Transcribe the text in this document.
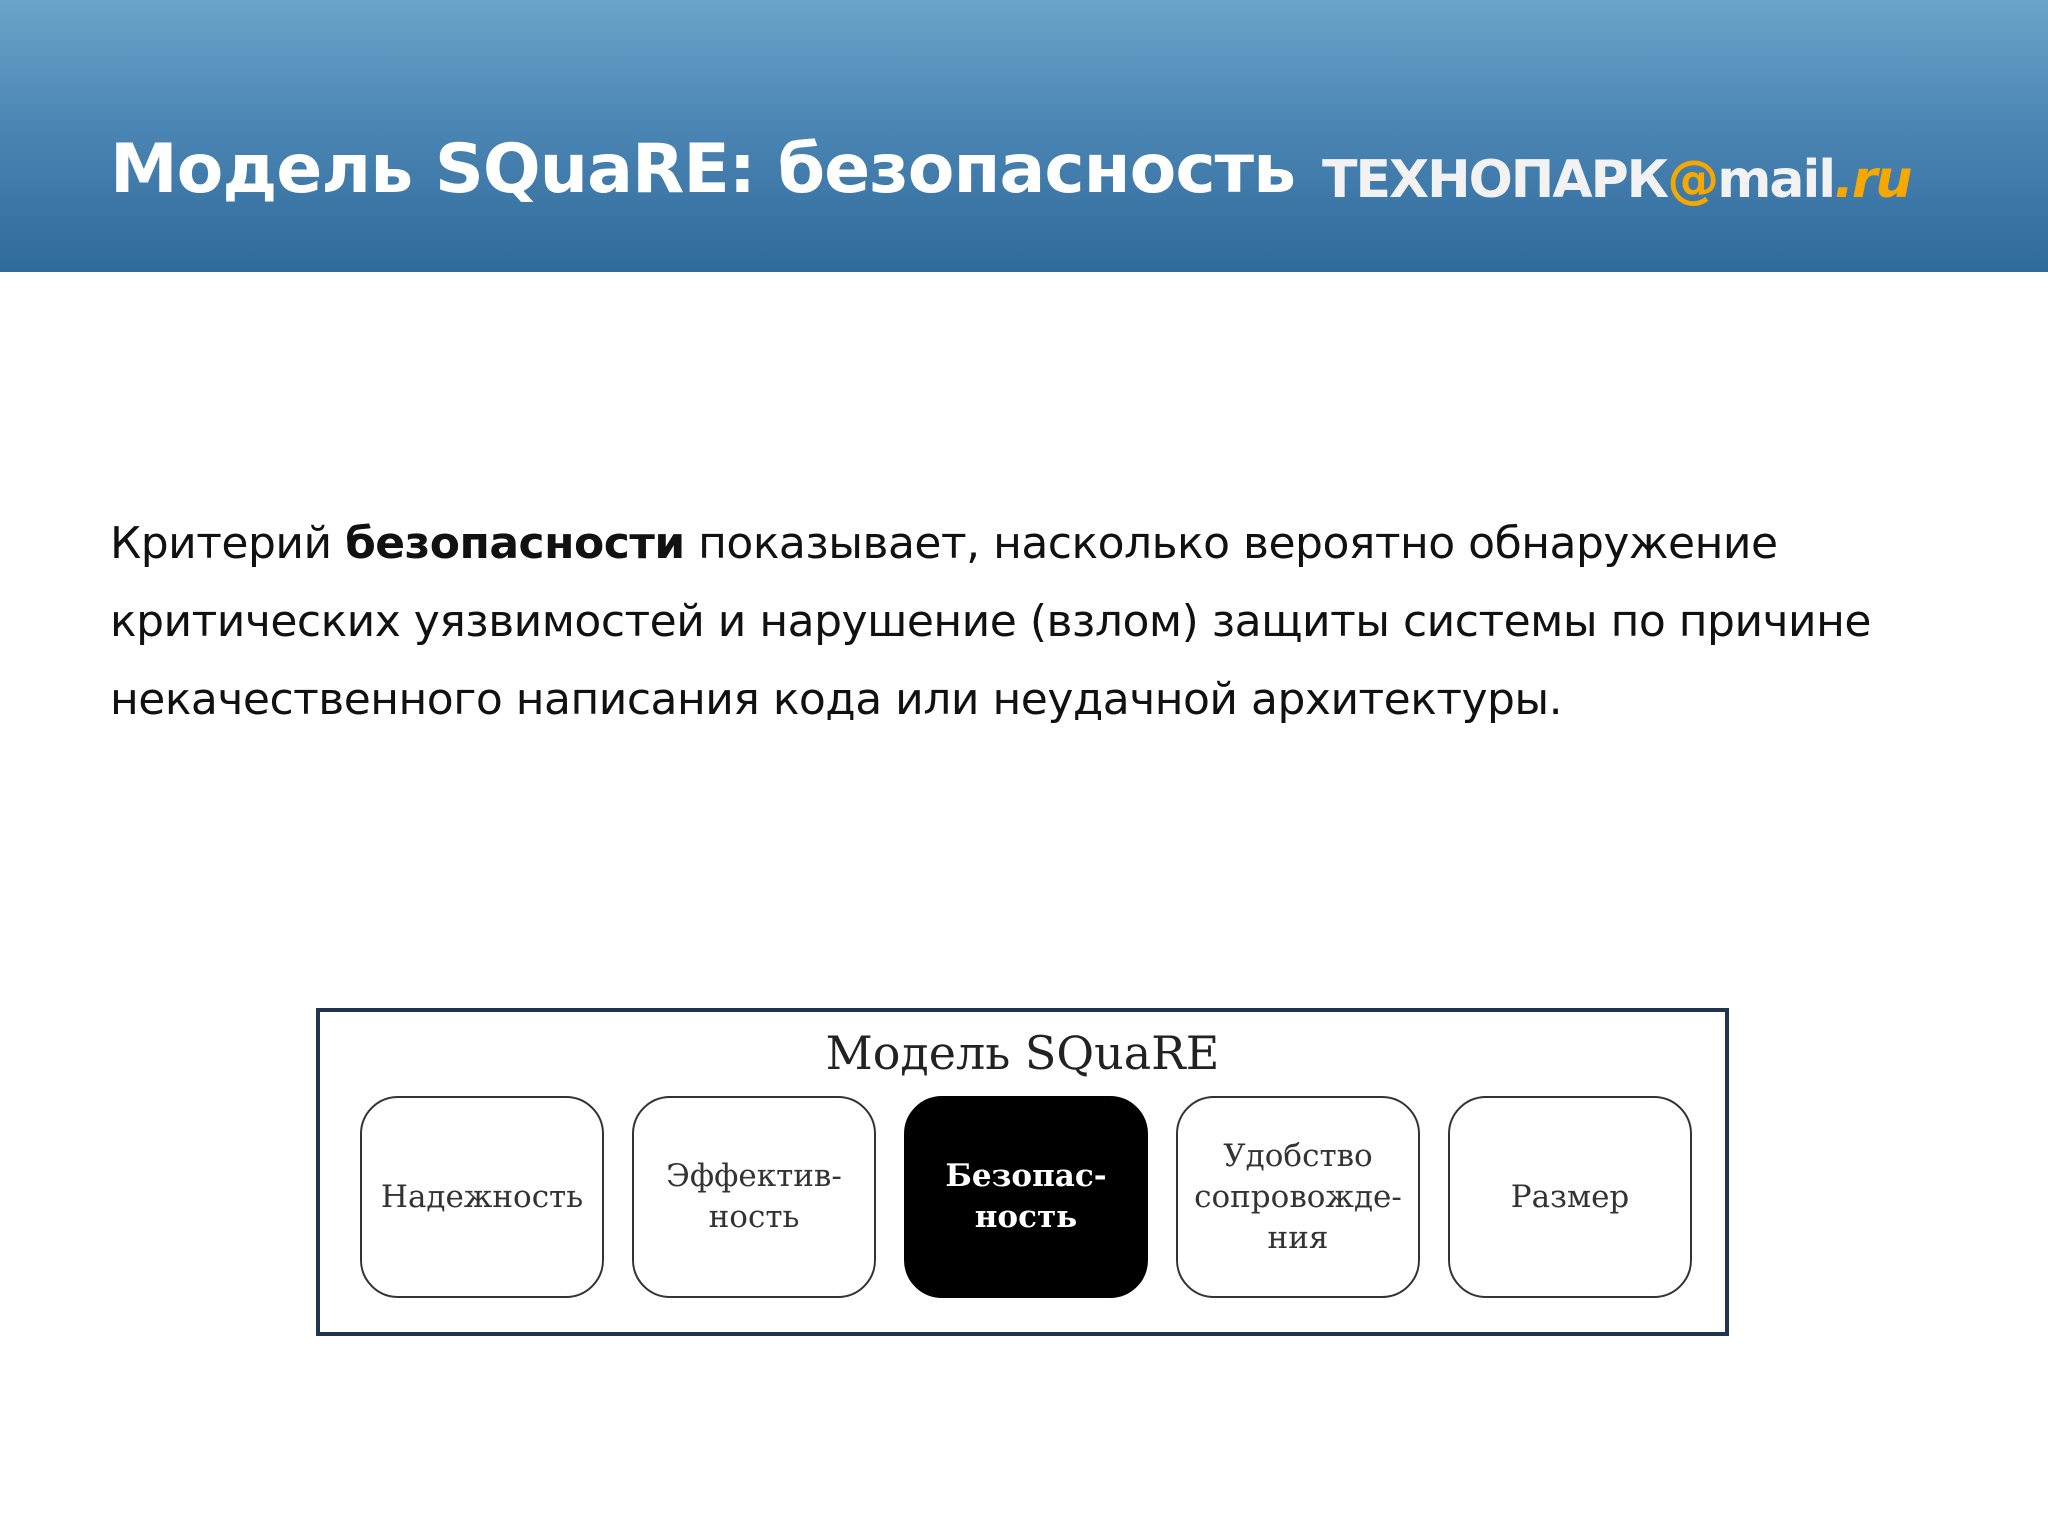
Модель SQuaRE: безопасность ТЕХНОПАРК@mail.ru
Критерий безопасности показывает, насколько вероятно обнаружение критических уязвимостей и нарушение (взлом) защиты системы по причине некачественного написания кода или неудачной архитектуры.
Модель SQuaRE
Надежность
Эффектив-
ность
Безопас-
ность
Удобство
сопровожде-
ния
Размер
